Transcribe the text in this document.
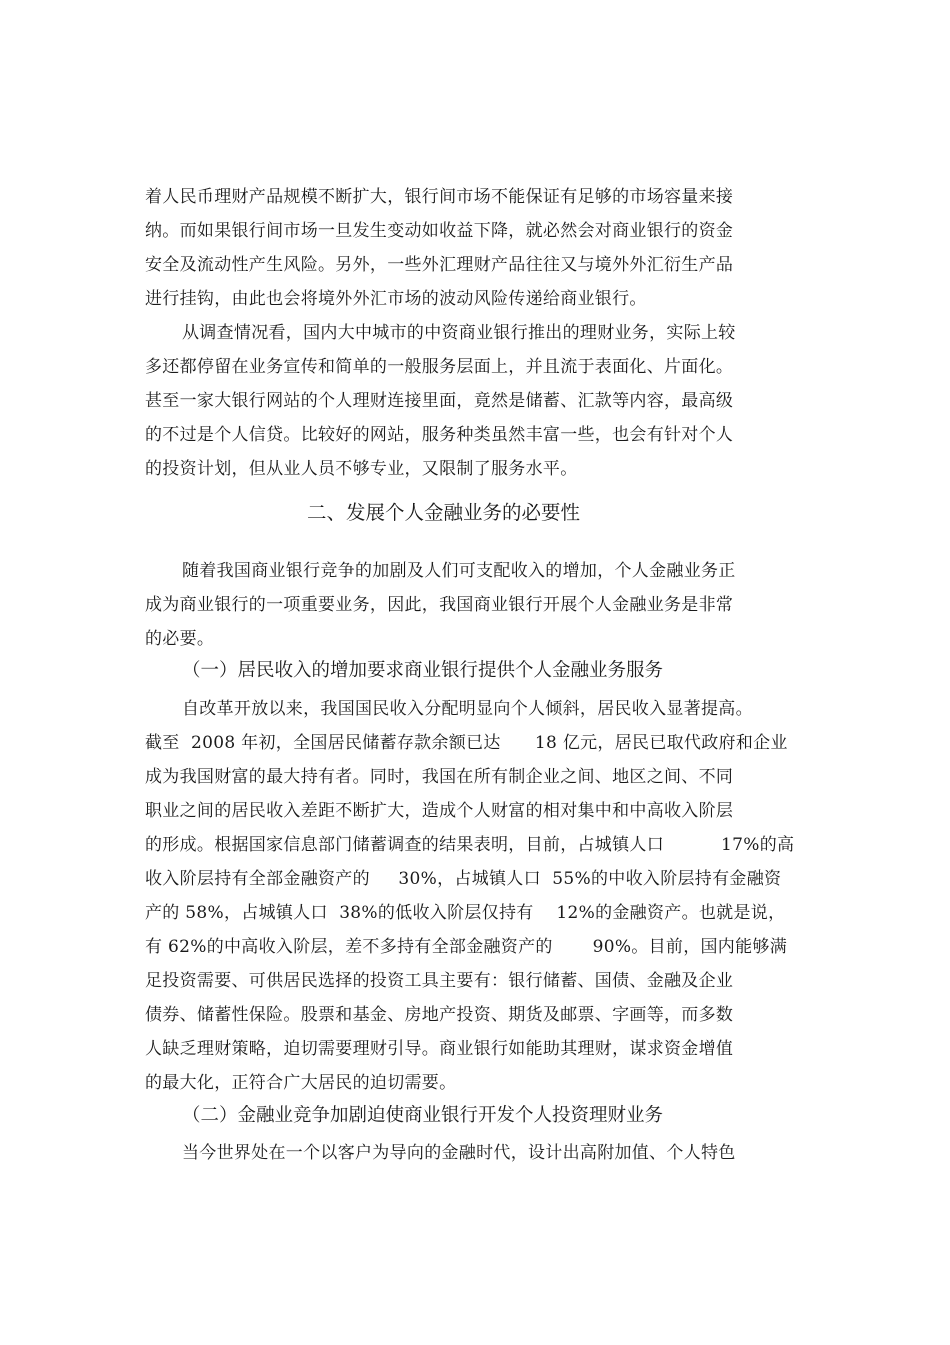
着人民币理财产品规模不断扩大，银行间市场不能保证有足够的市场容量来接
纳。而如果银行间市场一旦发生变动如收益下降，就必然会对商业银行的资金
安全及流动性产生风险。另外，一些外汇理财产品往往又与境外外汇衍生产品
进行挂钩，由此也会将境外外汇市场的波动风险传递给商业银行。
从调查情况看，国内大中城市的中资商业银行推出的理财业务，实际上较
多还都停留在业务宣传和简单的一般服务层面上，并且流于表面化、片面化。
甚至一家大银行网站的个人理财连接里面，竟然是储蓄、汇款等内容，最高级
的不过是个人信贷。比较好的网站，服务种类虽然丰富一些，也会有针对个人
的投资计划，但从业人员不够专业，又限制了服务水平。
二、发展个人金融业务的必要性
随着我国商业银行竞争的加剧及人们可支配收入的增加，个人金融业务正
成为商业银行的一项重要业务，因此，我国商业银行开展个人金融业务是非常
的必要。
（一）居民收入的增加要求商业银行提供个人金融业务服务
自改革开放以来，我国国民收入分配明显向个人倾斜，居民收入显著提高。
截至  2008 年初，全国居民储蓄存款余额已达      18 亿元，居民已取代政府和企业
成为我国财富的最大持有者。同时，我国在所有制企业之间、地区之间、不同
职业之间的居民收入差距不断扩大，造成个人财富的相对集中和中高收入阶层
的形成。根据国家信息部门储蓄调查的结果表明，目前，占城镇人口          17%的高
收入阶层持有全部金融资产的     30%，占城镇人口  55%的中收入阶层持有金融资
产的 58%，占城镇人口  38%的低收入阶层仅持有    12%的金融资产。也就是说，
有 62%的中高收入阶层，差不多持有全部金融资产的       90%。目前，国内能够满
足投资需要、可供居民选择的投资工具主要有：银行储蓄、国债、金融及企业
债券、储蓄性保险。股票和基金、房地产投资、期货及邮票、字画等，而多数
人缺乏理财策略，迫切需要理财引导。商业银行如能助其理财，谋求资金增值
的最大化，正符合广大居民的迫切需要。
（二）金融业竞争加剧迫使商业银行开发个人投资理财业务
当今世界处在一个以客户为导向的金融时代，设计出高附加值、个人特色
